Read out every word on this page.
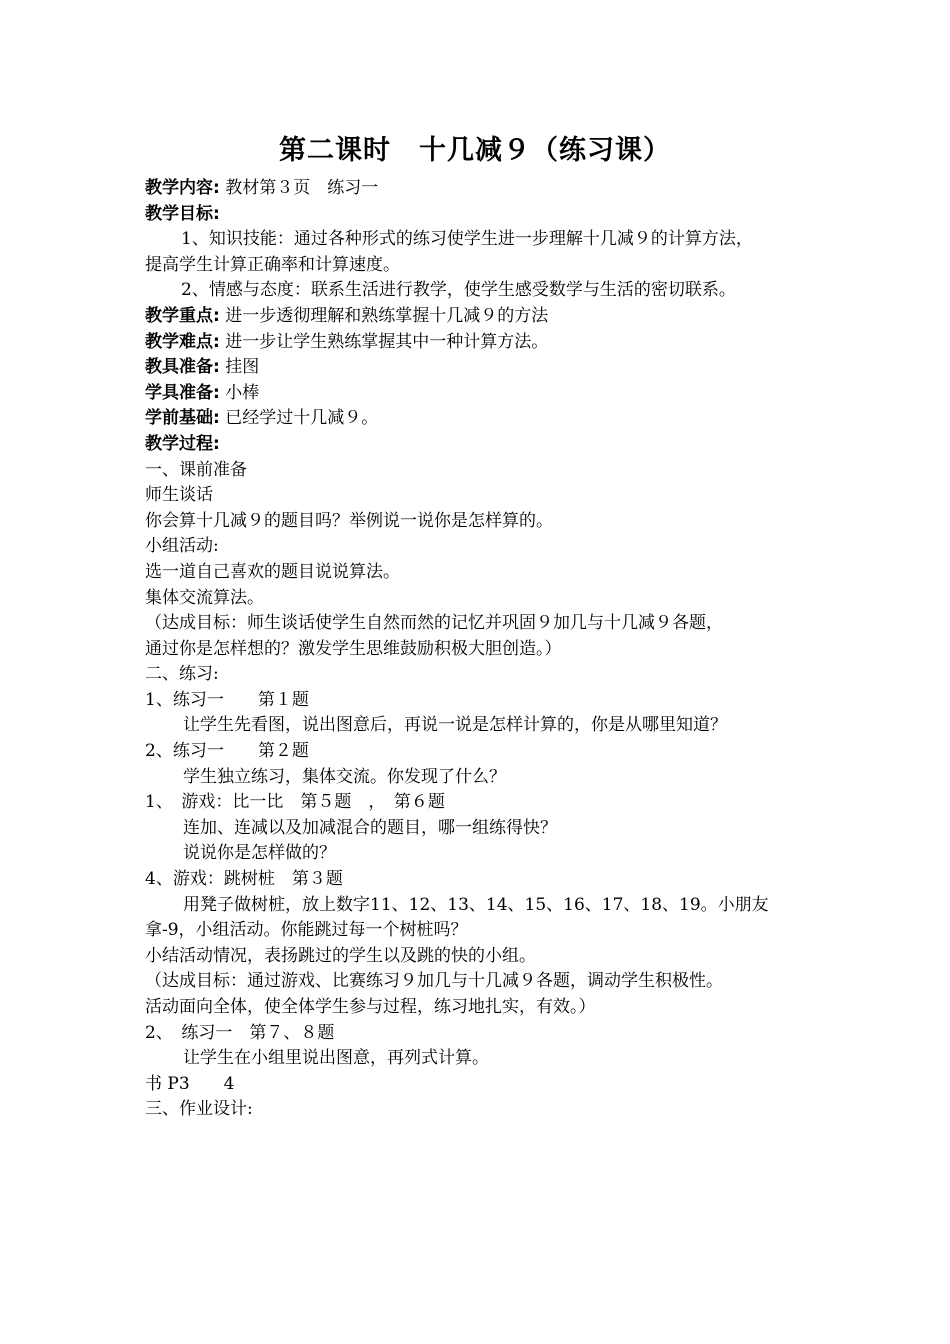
第二课时　十几减９（练习课）
教学内容: 教材第３页　练习一
教学目标:
1、知识技能：通过各种形式的练习使学生进一步理解十几减９的计算方法，
提高学生计算正确率和计算速度。
2、情感与态度：联系生活进行教学，使学生感受数学与生活的密切联系。
教学重点: 进一步透彻理解和熟练掌握十几减９的方法
教学难点: 进一步让学生熟练掌握其中一种计算方法。
教具准备: 挂图
学具准备: 小棒
学前基础: 已经学过十几减９。
教学过程:
一、课前准备
师生谈话
你会算十几减９的题目吗？举例说一说你是怎样算的。
小组活动:
选一道自己喜欢的题目说说算法。
集体交流算法。
（达成目标：师生谈话使学生自然而然的记忆并巩固９加几与十几减９各题，
通过你是怎样想的？激发学生思维鼓励积极大胆创造。）
二、练习:
1、练习一　　第１题
让学生先看图，说出图意后，再说一说是怎样计算的，你是从哪里知道？
2、练习一　　第２题
学生独立练习，集体交流。你发现了什么？
1、　游戏：比一比　第５题　，　第６题
连加、连减以及加减混合的题目，哪一组练得快？
说说你是怎样做的？
4、游戏：跳树桩　第３题
用凳子做树桩，放上数字11、12、13、14、15、16、17、18、19。小朋友
拿-9，小组活动。你能跳过每一个树桩吗？
小结活动情况，表扬跳过的学生以及跳的快的小组。
（达成目标：通过游戏、比赛练习９加几与十几减９各题，调动学生积极性。
活动面向全体，使全体学生参与过程，练习地扎实，有效。）
2、　练习一　第７、８题
让学生在小组里说出图意，再列式计算。
书 P3　　4
三、作业设计:
